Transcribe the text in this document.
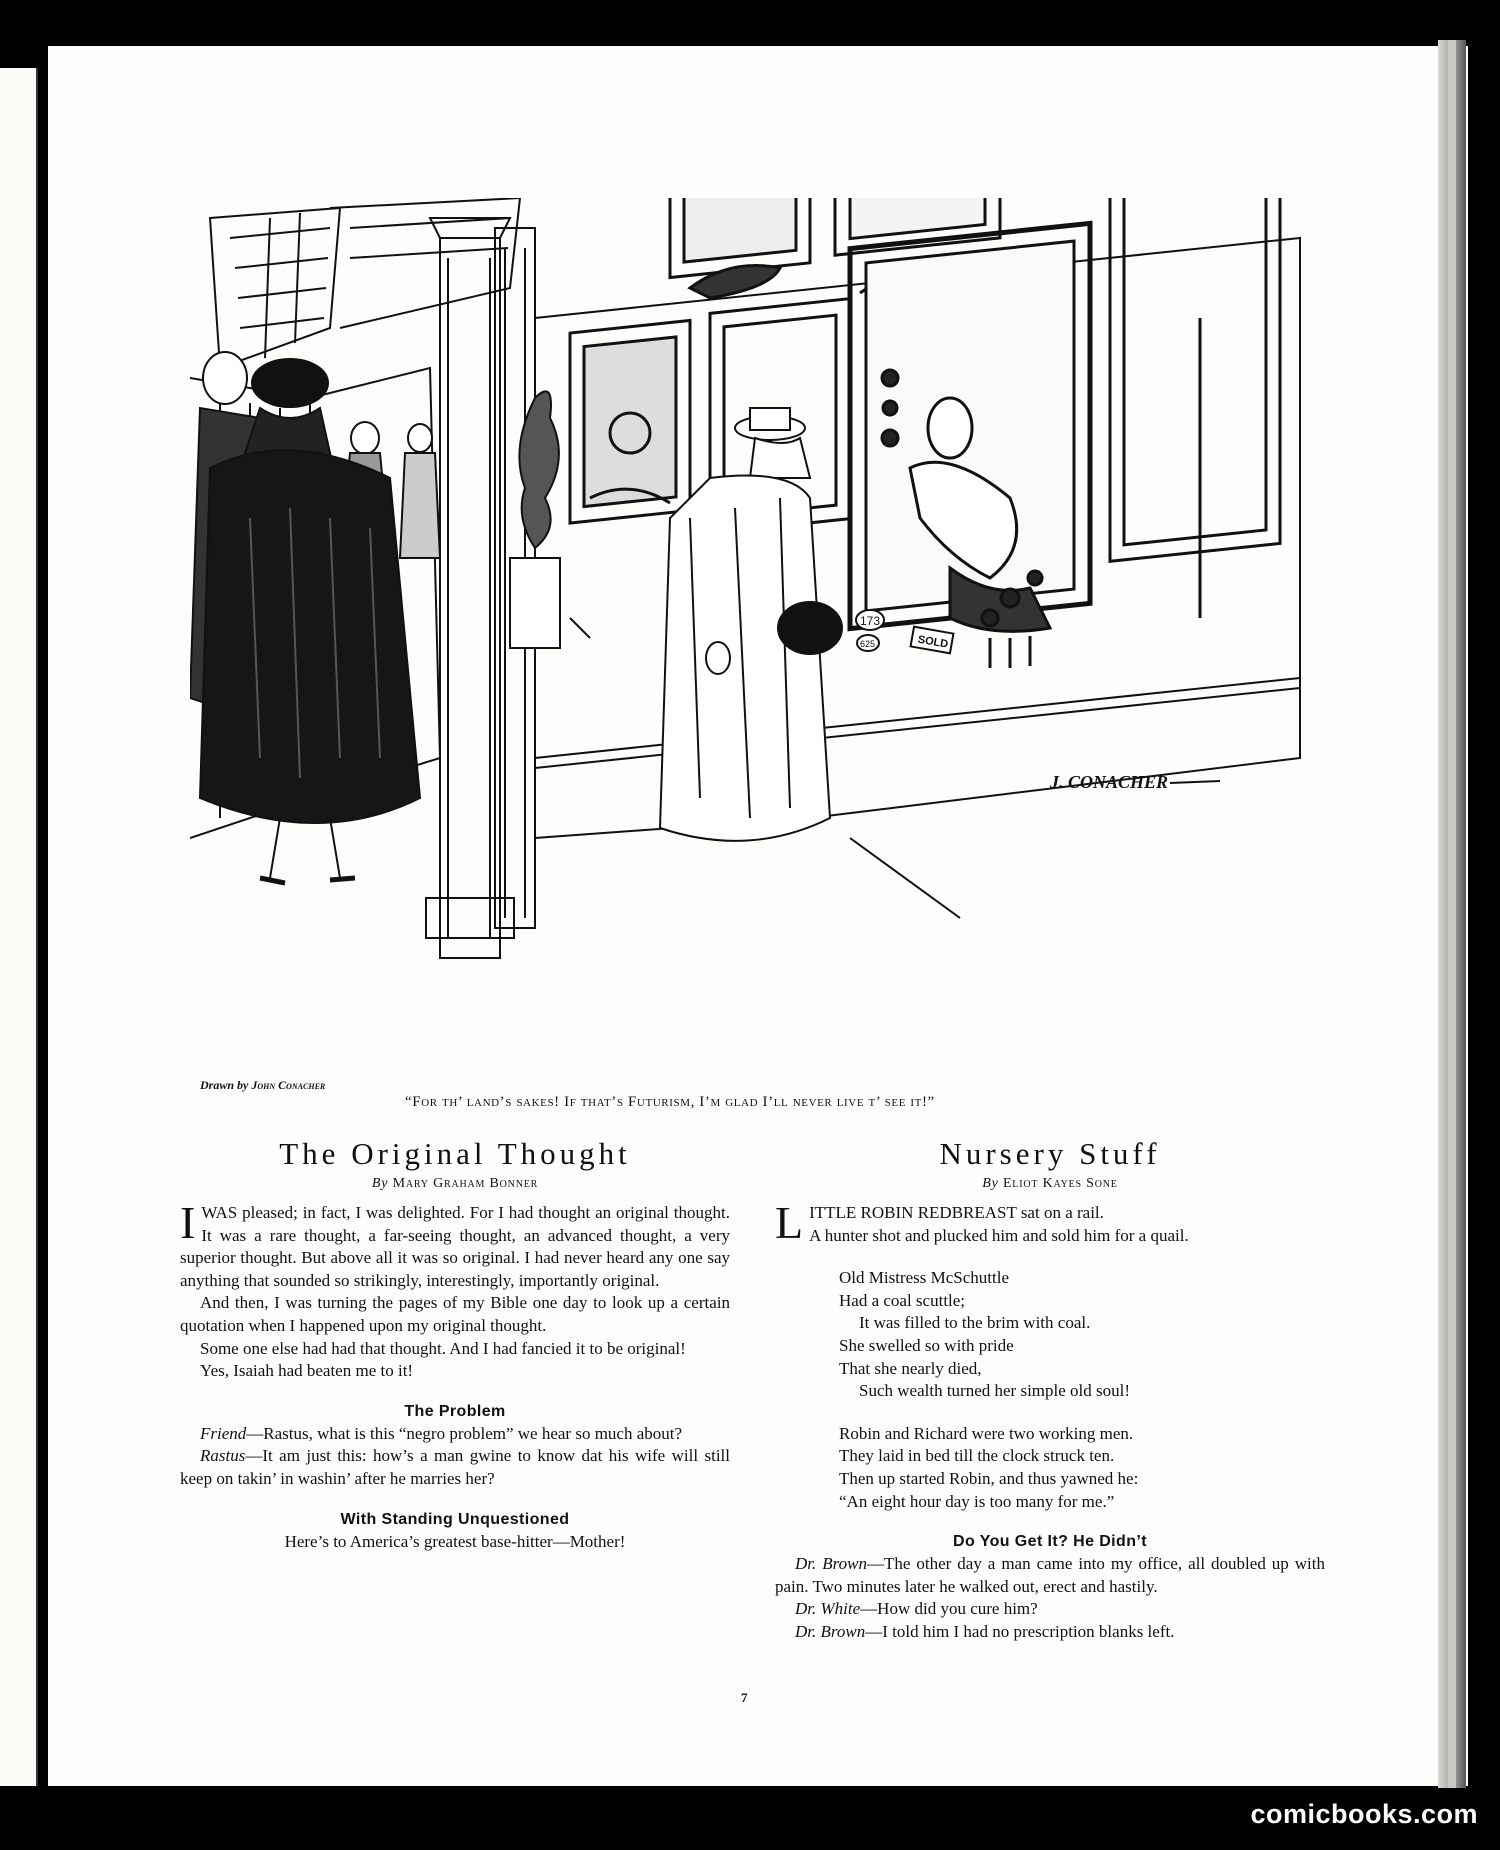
173
625	SOLD
J. CONACHER
Drawn by John Conacher
“For th’ land’s sakes! If that’s Futurism, I’m glad I’ll never live t’ see it!”
The Original Thought
By Mary Graham Bonner
IWAS pleased; in fact, I was delighted. For I had thought an original thought. It was a rare thought, a far-seeing thought, an advanced thought, a very superior thought. But above all it was so original. I had never heard any one say anything that sounded so strikingly, interestingly, importantly original.
And then, I was turning the pages of my Bible one day to look up a certain quotation when I happened upon my original thought.
Some one else had had that thought. And I had fancied it to be original!
Yes, Isaiah had beaten me to it!
The Problem
Friend—Rastus, what is this “negro problem” we hear so much about?
Rastus—It am just this: how’s a man gwine to know dat his wife will still keep on takin’ in washin’ after he marries her?
With Standing Unquestioned
Here’s to America’s greatest base-hitter—Mother!
Nursery Stuff
By Eliot Kayes Sone
L ITTLE ROBIN REDBREAST sat on a rail.
A hunter shot and plucked him and sold him for a quail.
Old Mistress McSchuttle
Had a coal scuttle;
It was filled to the brim with coal.
She swelled so with pride
That she nearly died,
Such wealth turned her simple old soul!
Robin and Richard were two working men.
They laid in bed till the clock struck ten.
Then up started Robin, and thus yawned he:
“An eight hour day is too many for me.”
Do You Get It? He Didn’t
Dr. Brown—The other day a man came into my office, all doubled up with pain. Two minutes later he walked out, erect and hastily.
Dr. White—How did you cure him?
Dr. Brown—I told him I had no prescription blanks left.
7
comicbooks.com
